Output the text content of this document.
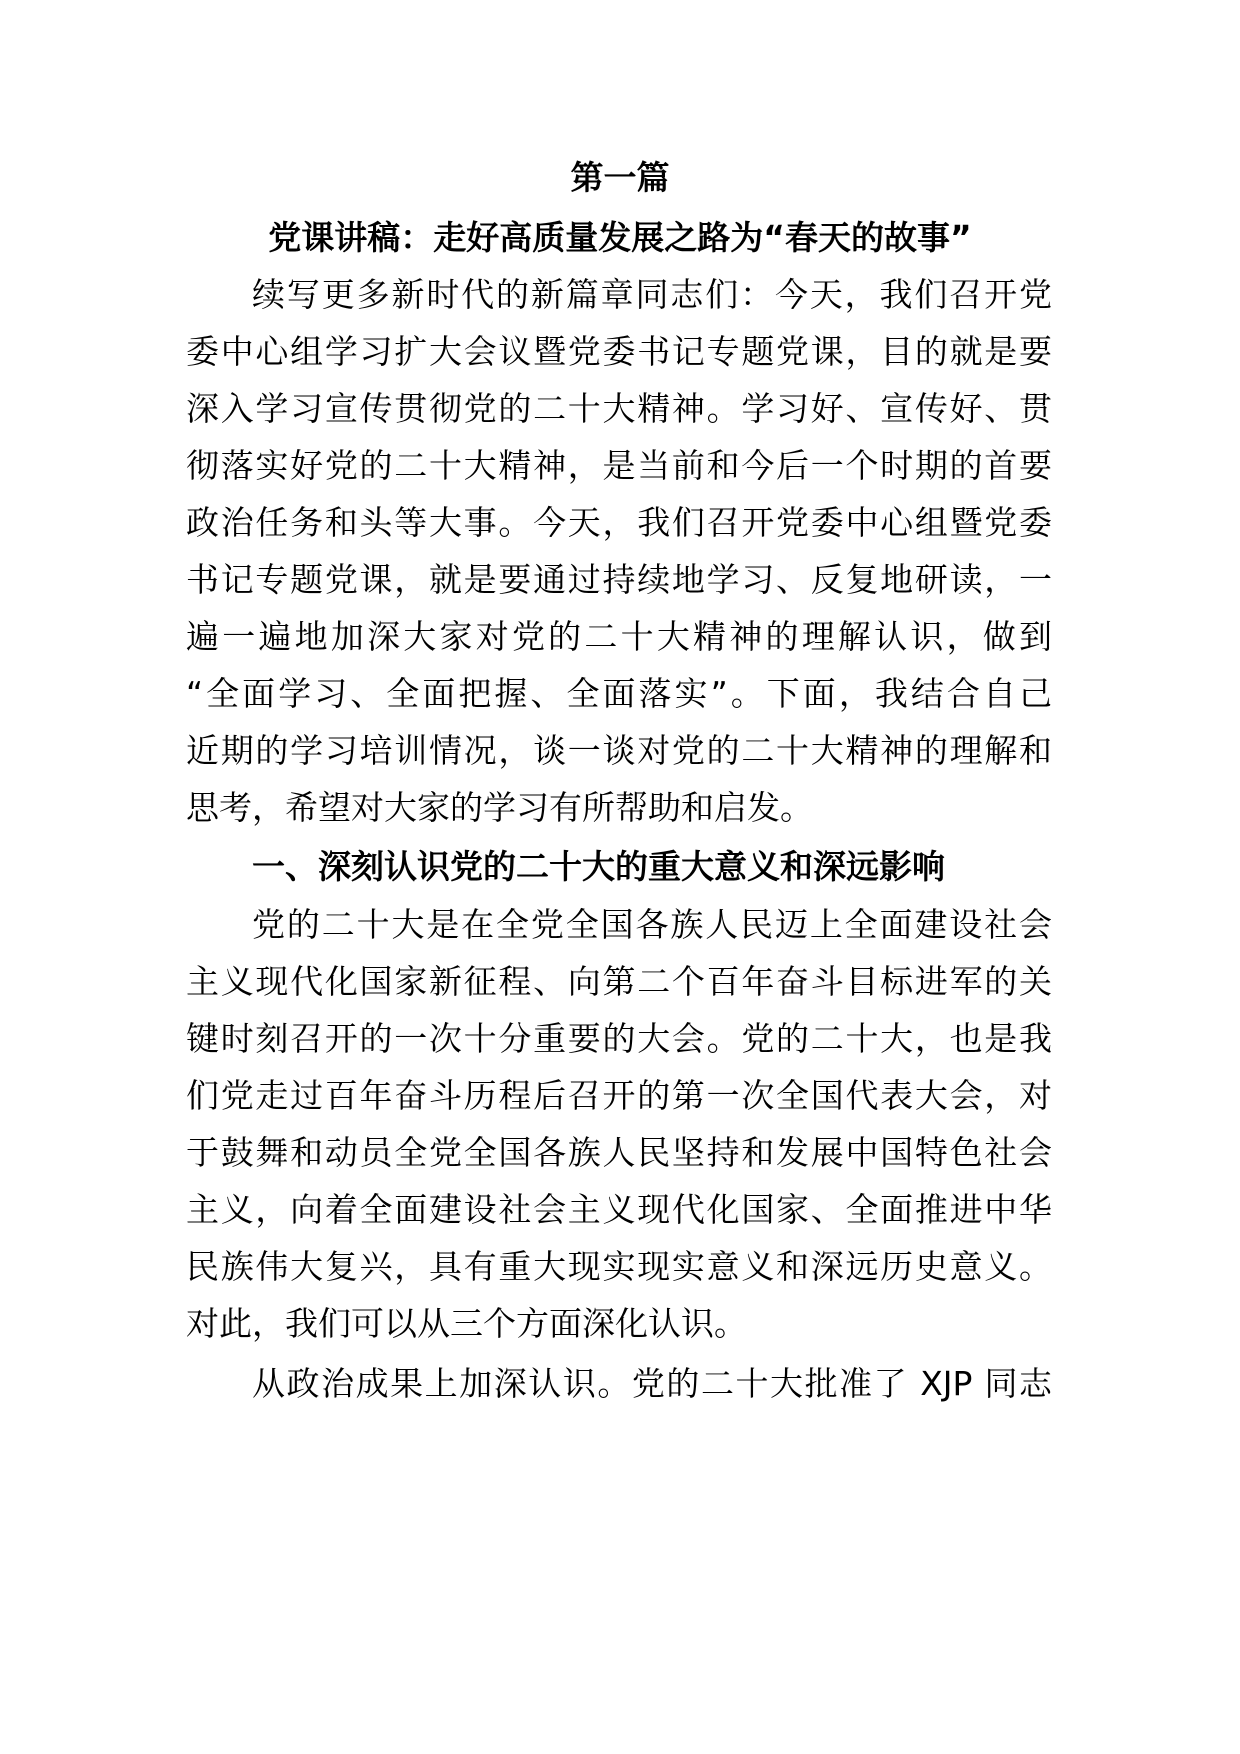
第一篇
党课讲稿：走好高质量发展之路为“春天的故事”
续写更多新时代的新篇章同志们：今天，我们召开党
委中心组学习扩大会议暨党委书记专题党课，目的就是要
深入学习宣传贯彻党的二十大精神。学习好、宣传好、贯
彻落实好党的二十大精神，是当前和今后一个时期的首要
政治任务和头等大事。今天，我们召开党委中心组暨党委
书记专题党课，就是要通过持续地学习、反复地研读，一
遍一遍地加深大家对党的二十大精神的理解认识，做到
“全面学习、全面把握、全面落实”。下面，我结合自己
近期的学习培训情况，谈一谈对党的二十大精神的理解和
思考，希望对大家的学习有所帮助和启发。
一、深刻认识党的二十大的重大意义和深远影响
党的二十大是在全党全国各族人民迈上全面建设社会
主义现代化国家新征程、向第二个百年奋斗目标进军的关
键时刻召开的一次十分重要的大会。党的二十大，也是我
们党走过百年奋斗历程后召开的第一次全国代表大会，对
于鼓舞和动员全党全国各族人民坚持和发展中国特色社会
主义，向着全面建设社会主义现代化国家、全面推进中华
民族伟大复兴，具有重大现实现实意义和深远历史意义。
对此，我们可以从三个方面深化认识。
从政治成果上加深认识。党的二十大批准了 XJP 同志
